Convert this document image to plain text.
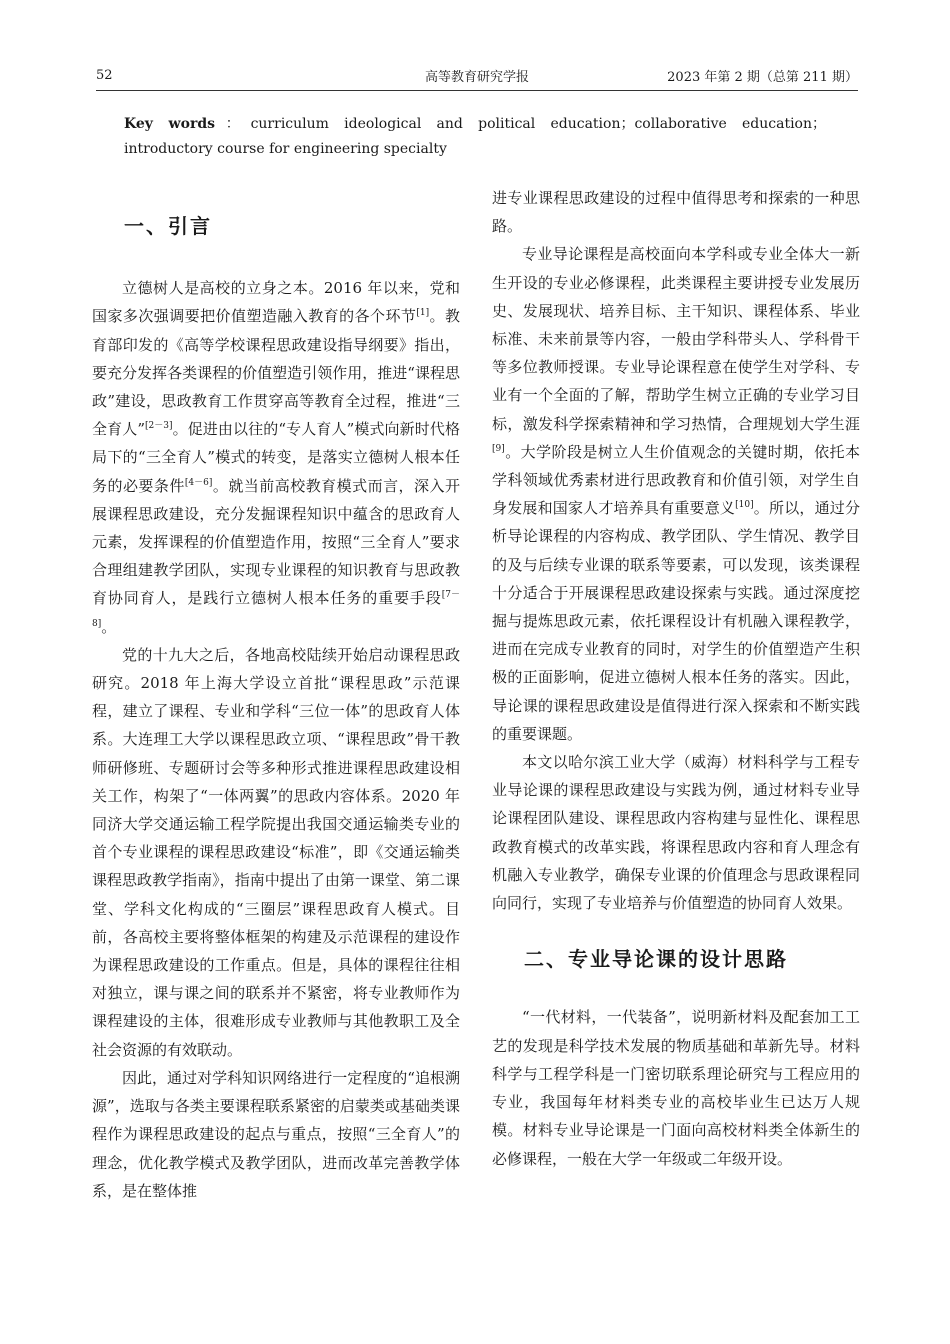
52	高等教育研究学报	2023 年第 2 期（总第 211 期）
Key words：curriculum ideological and political education；collaborative education；introductory course for engineering specialty
一、引言

立德树人是高校的立身之本。2016 年以来，党和国家多次强调要把价值塑造融入教育的各个环节[1]。教育部印发的《高等学校课程思政建设指导纲要》指出，要充分发挥各类课程的价值塑造引领作用，推进“课程思政”建设，思政教育工作贯穿高等教育全过程，推进“三全育人”[2－3]。促进由以往的“专人育人”模式向新时代格局下的“三全育人”模式的转变，是落实立德树人根本任务的必要条件[4－6]。就当前高校教育模式而言，深入开展课程思政建设，充分发掘课程知识中蕴含的思政育人元素，发挥课程的价值塑造作用，按照“三全育人”要求合理组建教学团队，实现专业课程的知识教育与思政教育协同育人，是践行立德树人根本任务的重要手段[7－8]。

党的十九大之后，各地高校陆续开始启动课程思政研究。2018 年上海大学设立首批“课程思政”示范课程，建立了课程、专业和学科“三位一体”的思政育人体系。大连理工大学以课程思政立项、“课程思政”骨干教师研修班、专题研讨会等多种形式推进课程思政建设相关工作，构架了“一体两翼”的思政内容体系。2020 年同济大学交通运输工程学院提出我国交通运输类专业的首个专业课程的课程思政建设“标准”，即《交通运输类课程思政教学指南》，指南中提出了由第一课堂、第二课堂、学科文化构成的“三圈层”课程思政育人模式。目前，各高校主要将整体框架的构建及示范课程的建设作为课程思政建设的工作重点。但是，具体的课程往往相对独立，课与课之间的联系并不紧密，将专业教师作为课程建设的主体，很难形成专业教师与其他教职工及全社会资源的有效联动。

因此，通过对学科知识网络进行一定程度的“追根溯源”，选取与各类主要课程联系紧密的启蒙类或基础类课程作为课程思政建设的起点与重点，按照“三全育人”的理念，优化教学模式及教学团队，进而改革完善教学体系，是在整体推

进专业课程思政建设的过程中值得思考和探索的一种思路。

专业导论课程是高校面向本学科或专业全体大一新生开设的专业必修课程，此类课程主要讲授专业发展历史、发展现状、培养目标、主干知识、课程体系、毕业标准、未来前景等内容，一般由学科带头人、学科骨干等多位教师授课。专业导论课程意在使学生对学科、专业有一个全面的了解，帮助学生树立正确的专业学习目标，激发科学探索精神和学习热情，合理规划大学生涯[9]。大学阶段是树立人生价值观念的关键时期，依托本学科领域优秀素材进行思政教育和价值引领，对学生自身发展和国家人才培养具有重要意义[10]。所以，通过分析导论课程的内容构成、教学团队、学生情况、教学目的及与后续专业课的联系等要素，可以发现，该类课程十分适合于开展课程思政建设探索与实践。通过深度挖掘与提炼思政元素，依托课程设计有机融入课程教学，进而在完成专业教育的同时，对学生的价值塑造产生积极的正面影响，促进立德树人根本任务的落实。因此，导论课的课程思政建设是值得进行深入探索和不断实践的重要课题。

本文以哈尔滨工业大学（威海）材料科学与工程专业导论课的课程思政建设与实践为例，通过材料专业导论课程团队建设、课程思政内容构建与显性化、课程思政教育模式的改革实践，将课程思政内容和育人理念有机融入专业教学，确保专业课的价值理念与思政课程同向同行，实现了专业培养与价值塑造的协同育人效果。

二、专业导论课的设计思路

“一代材料，一代装备”，说明新材料及配套加工工艺的发现是科学技术发展的物质基础和革新先导。材料科学与工程学科是一门密切联系理论研究与工程应用的专业，我国每年材料类专业的高校毕业生已达万人规模。材料专业导论课是一门面向高校材料类全体新生的必修课程，一般在大学一年级或二年级开设。
